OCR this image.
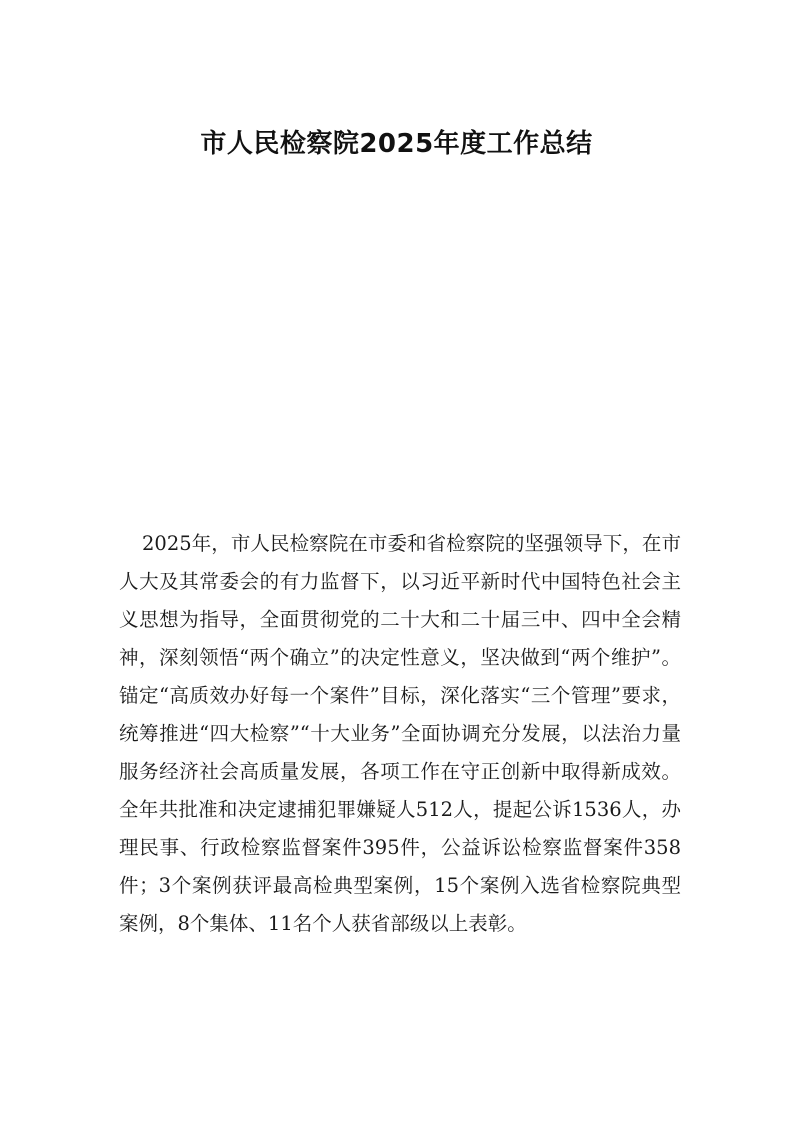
市人民检察院2025年度工作总结

2025年，市人民检察院在市委和省检察院的坚强领导下，在市人大及其常委会的有力监督下，以习近平新时代中国特色社会主义思想为指导，全面贯彻党的二十大和二十届三中、四中全会精神，深刻领悟“两个确立”的决定性意义，坚决做到“两个维护”。锚定“高质效办好每一个案件”目标，深化落实“三个管理”要求，统筹推进“四大检察”“十大业务”全面协调充分发展，以法治力量服务经济社会高质量发展，各项工作在守正创新中取得新成效。全年共批准和决定逮捕犯罪嫌疑人512人，提起公诉1536人，办理民事、行政检察监督案件395件，公益诉讼检察监督案件358件；3个案例获评最高检典型案例，15个案例入选省检察院典型案例，8个集体、11名个人获省部级以上表彰。
